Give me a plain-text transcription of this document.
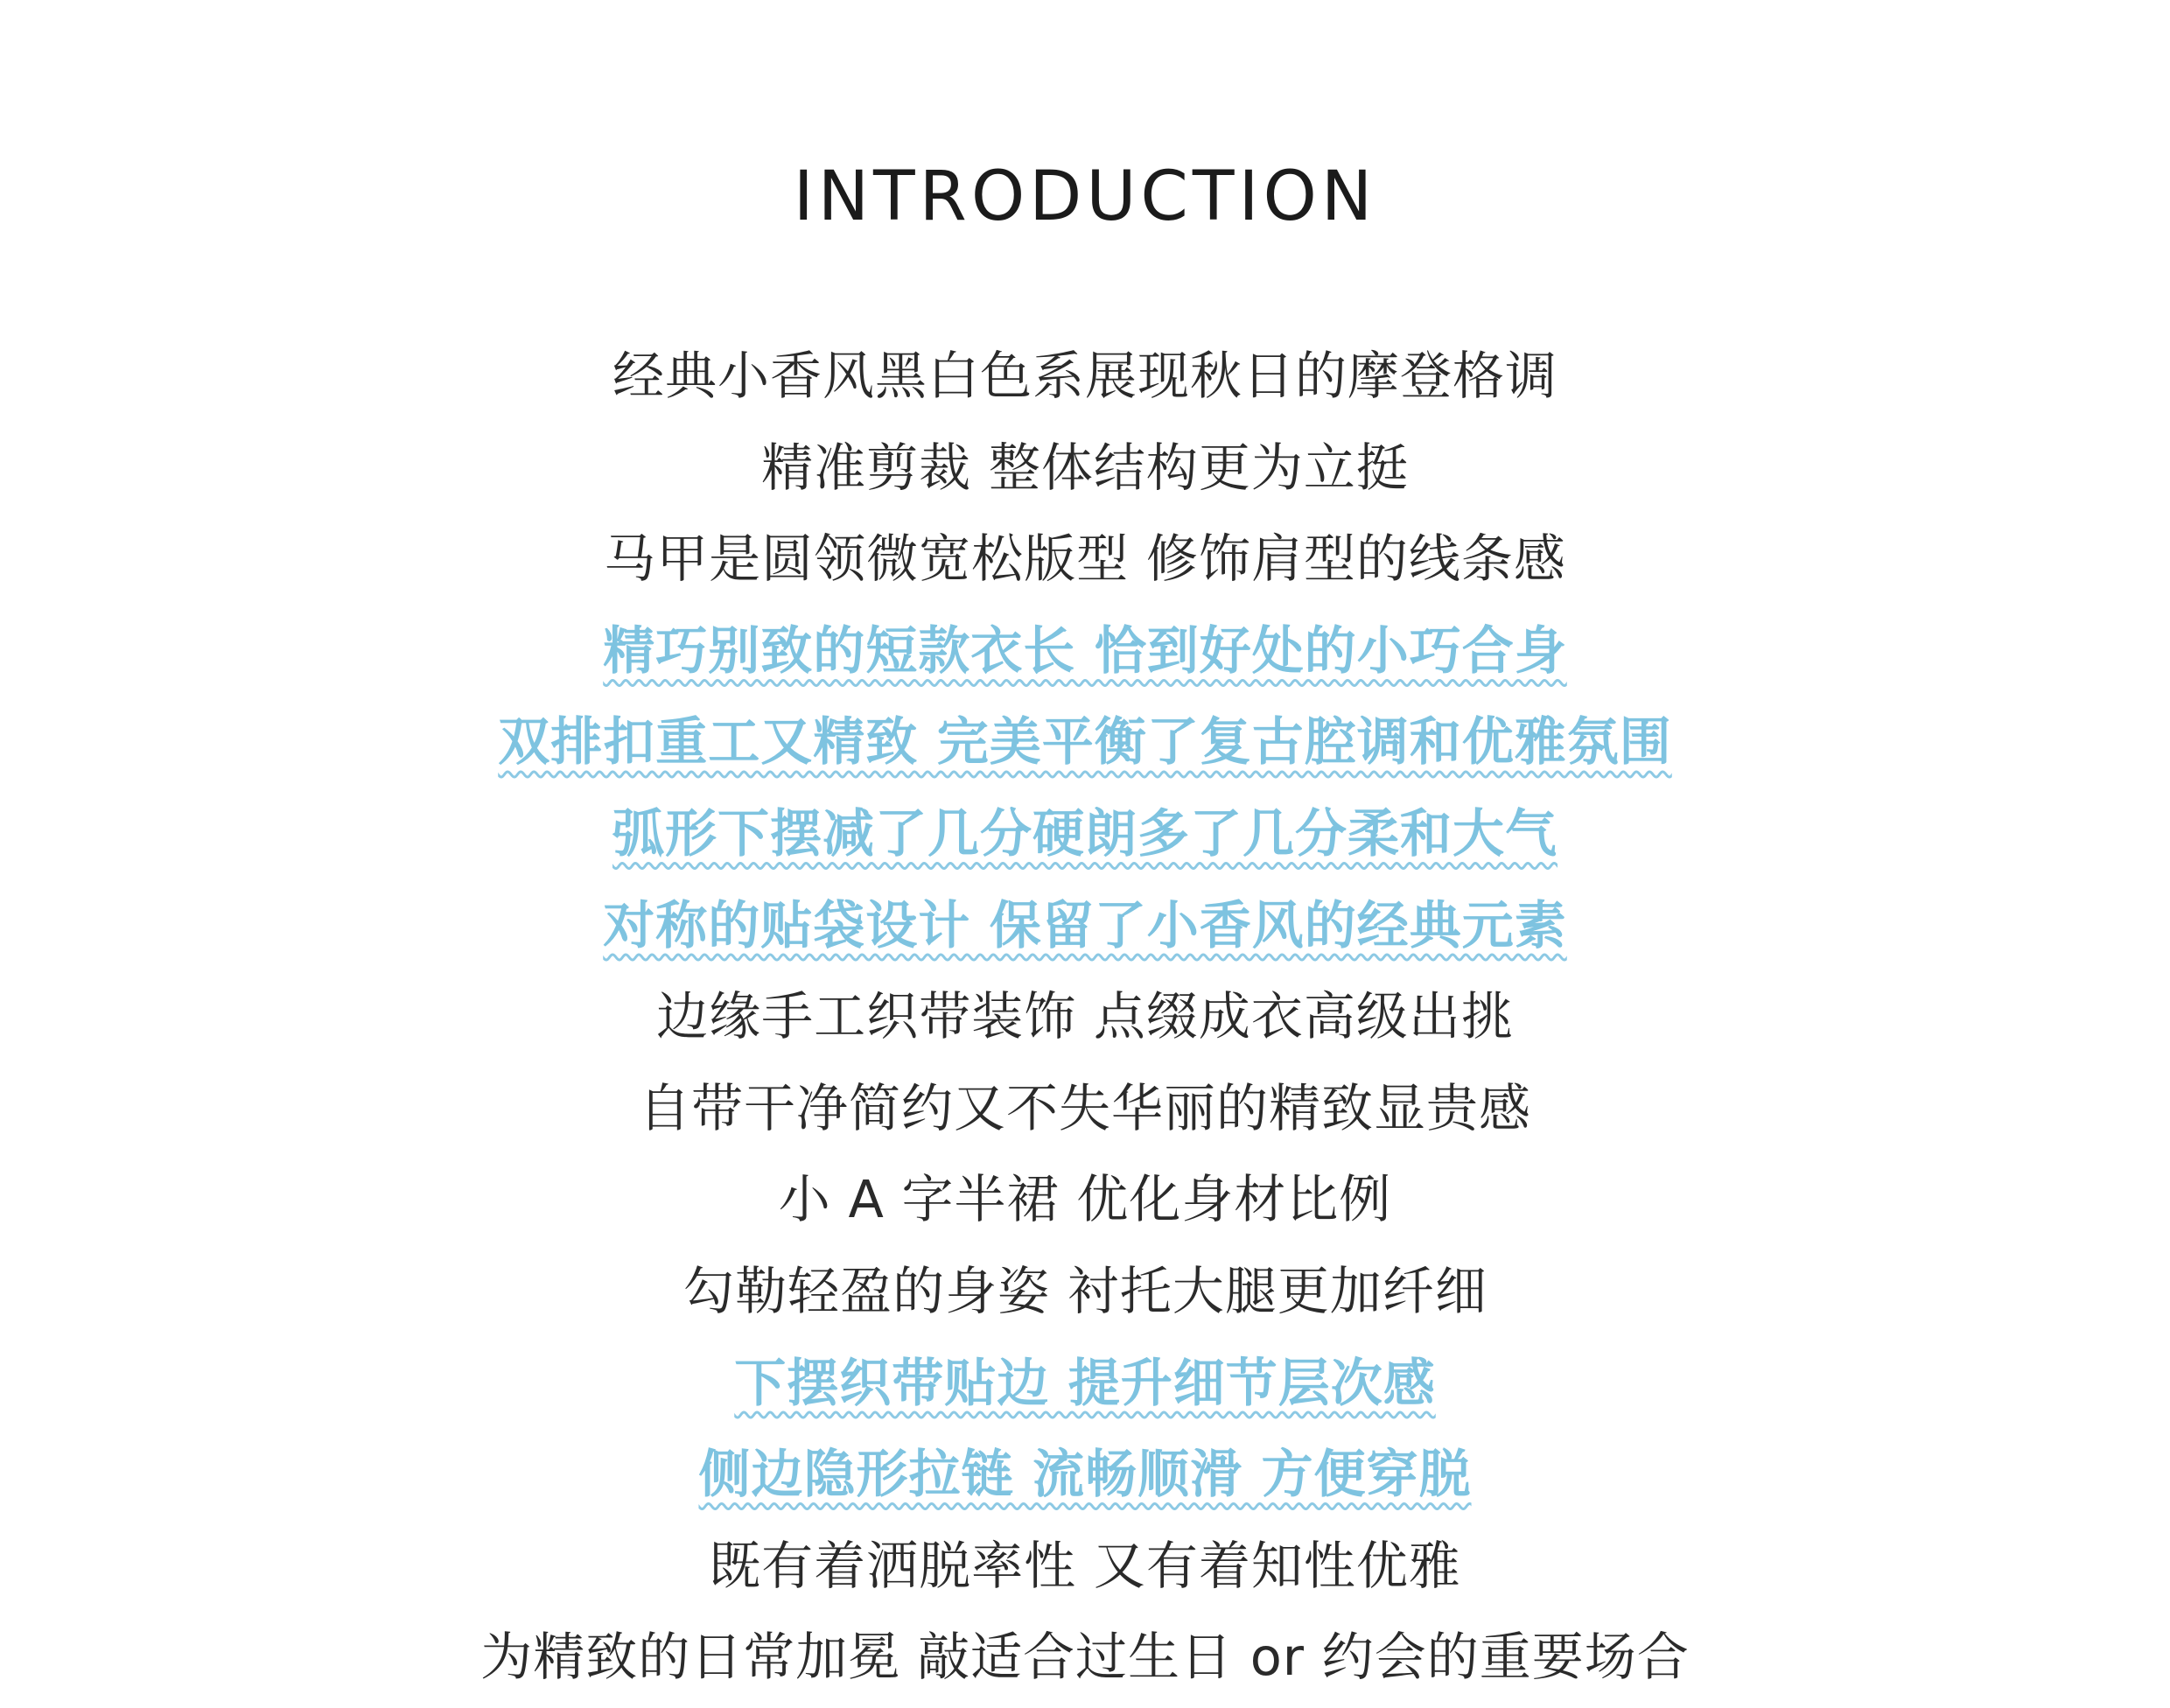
INTRODUCTION
经典小香风黑白色系展现秋日的摩登格调
精准剪裁 整体结构更为立挺
马甲是圆领微宽松版型 修饰肩型的线条感
精巧别致的短款衣长 恰到好处的小巧合身
双排扣重工又精致 完美平衡了复古腔调和优雅氛围
弧形下摆减了几分硬朗多了几分柔和大气
对称的贴袋设计 保留了小香风的经典元素
边缘手工织带装饰 点缀成衣高级出挑
自带干净简约又不失华丽的精致显贵感
小 A 字半裙 优化身材比例
勾勒轻盈的身姿 衬托大腿更加纤细
下摆织带贴边 提升细节层次感
侧边隐形拉链 流畅顺滑 方便穿脱
既有着洒脱率性 又有着知性优雅
为精致的日常加冕 敲适合过生日 or 约会的重要场合
